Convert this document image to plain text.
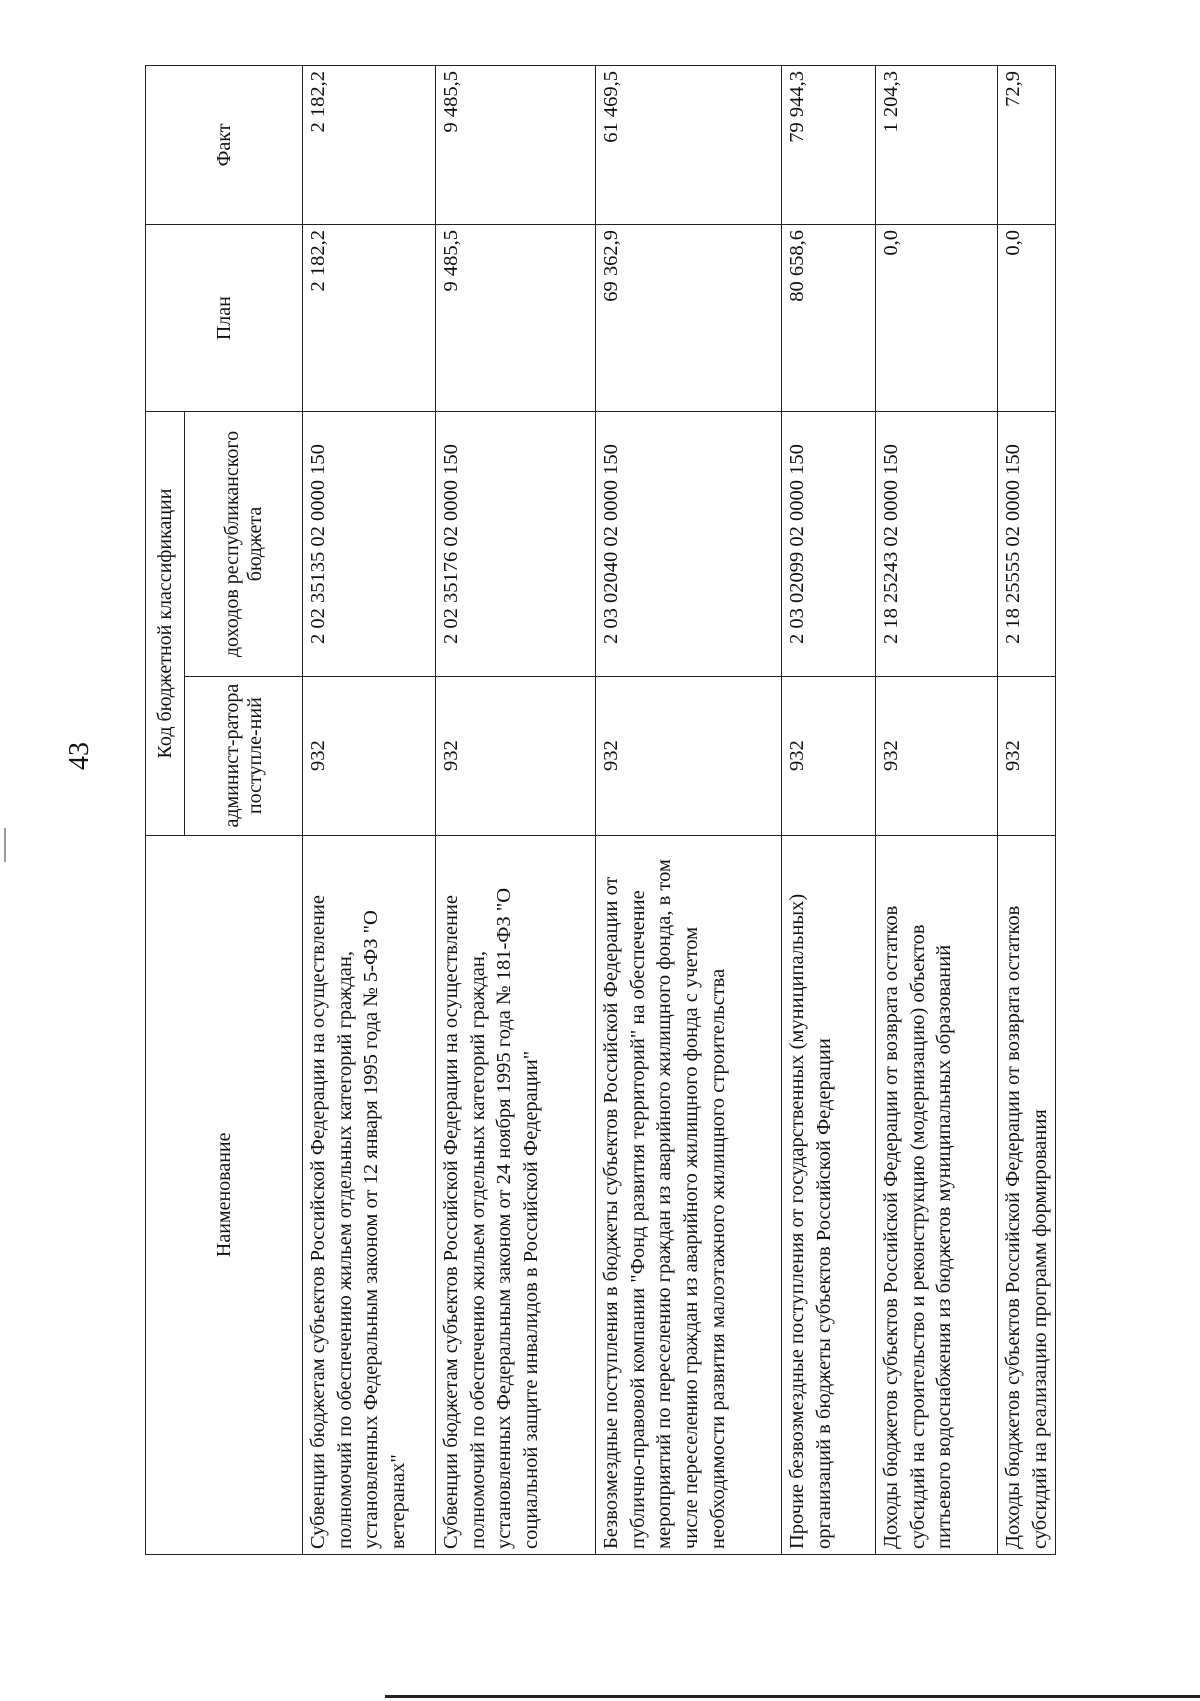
43
Наименование	Код бюджетной классификации		План	Факт
	админист-ратора поступле-ний	доходов республиканского бюджета		
Субвенции бюджетам субъектов Российской Федерации на осуществление полномочий по обеспечению жильем отдельных категорий граждан, установленных Федеральным законом от 12 января 1995 года № 5-ФЗ "О ветеранах"	932	2 02 35135 02 0000 150	2 182,2	2 182,2
Субвенции бюджетам субъектов Российской Федерации на осуществление полномочий по обеспечению жильем отдельных категорий граждан, установленных Федеральным законом от 24 ноября 1995 года № 181-ФЗ "О социальной защите инвалидов в Российской Федерации"	932	2 02 35176 02 0000 150	9 485,5	9 485,5
Безвозмездные поступления в бюджеты субъектов Российской Федерации от публично-правовой компании "Фонд развития территорий" на обеспечение мероприятий по переселению граждан из аварийного жилищного фонда, в том числе переселению граждан из аварийного жилищного фонда с учетом необходимости развития малоэтажного жилищного строительства	932	2 03 02040 02 0000 150	69 362,9	61 469,5
Прочие безвозмездные поступления от государственных (муниципальных) организаций в бюджеты субъектов Российской Федерации	932	2 03 02099 02 0000 150	80 658,6	79 944,3
Доходы бюджетов субъектов Российской Федерации от возврата остатков субсидий на строительство и реконструкцию (модернизацию) объектов питьевого водоснабжения из бюджетов муниципальных образований	932	2 18 25243 02 0000 150	0,0	1 204,3
Доходы бюджетов субъектов Российской Федерации от возврата остатков субсидий на реализацию программ формирования	932	2 18 25555 02 0000 150	0,0	72,9
